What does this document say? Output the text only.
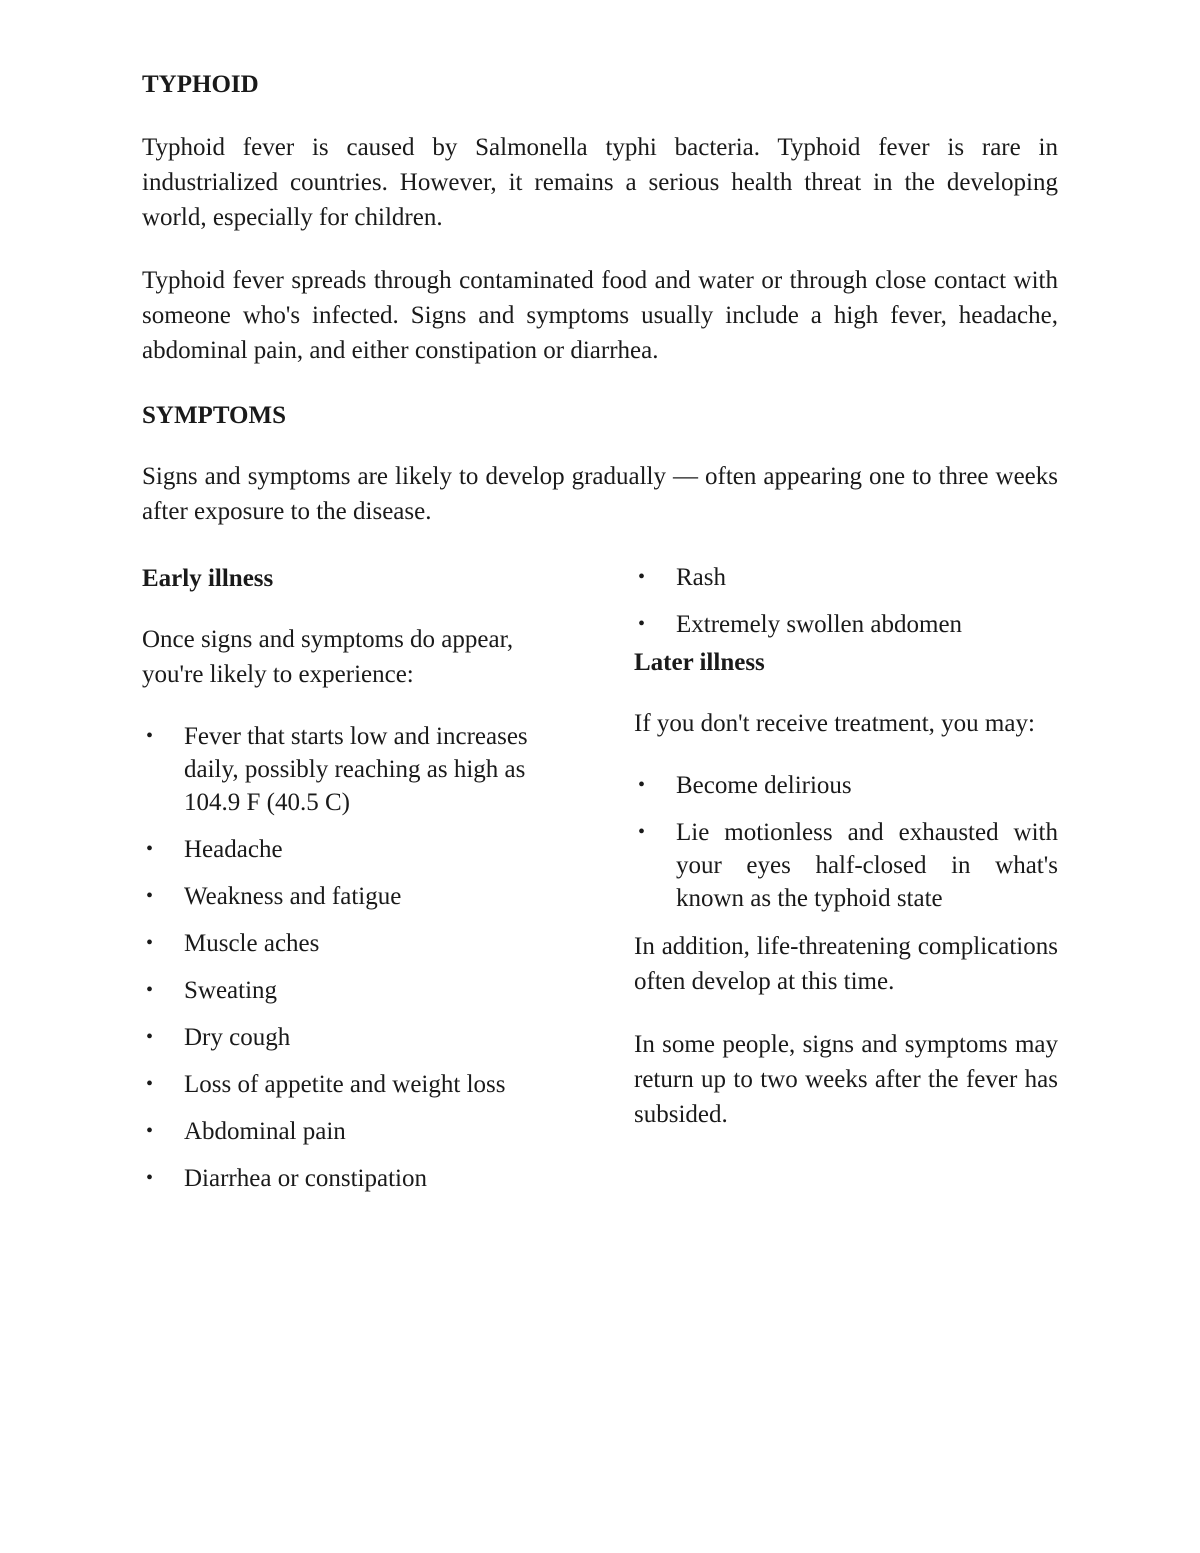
TYPHOID

Typhoid fever is caused by Salmonella typhi bacteria. Typhoid fever is rare in industrialized countries. However, it remains a serious health threat in the developing world, especially for children.

Typhoid fever spreads through contaminated food and water or through close contact with someone who's infected. Signs and symptoms usually include a high fever, headache, abdominal pain, and either constipation or diarrhea.

SYMPTOMS

Signs and symptoms are likely to develop gradually — often appearing one to three weeks after exposure to the disease.

Early illness

Once signs and symptoms do appear, you're likely to experience:

• Fever that starts low and increases daily, possibly reaching as high as 104.9 F (40.5 C)
• Headache
• Weakness and fatigue
• Muscle aches
• Sweating
• Dry cough
• Loss of appetite and weight loss
• Abdominal pain
• Diarrhea or constipation
• Rash
• Extremely swollen abdomen
Later illness

If you don't receive treatment, you may:

• Become delirious
• Lie motionless and exhausted with your eyes half-closed in what's known as the typhoid state

In addition, life-threatening complications often develop at this time.

In some people, signs and symptoms may return up to two weeks after the fever has subsided.
